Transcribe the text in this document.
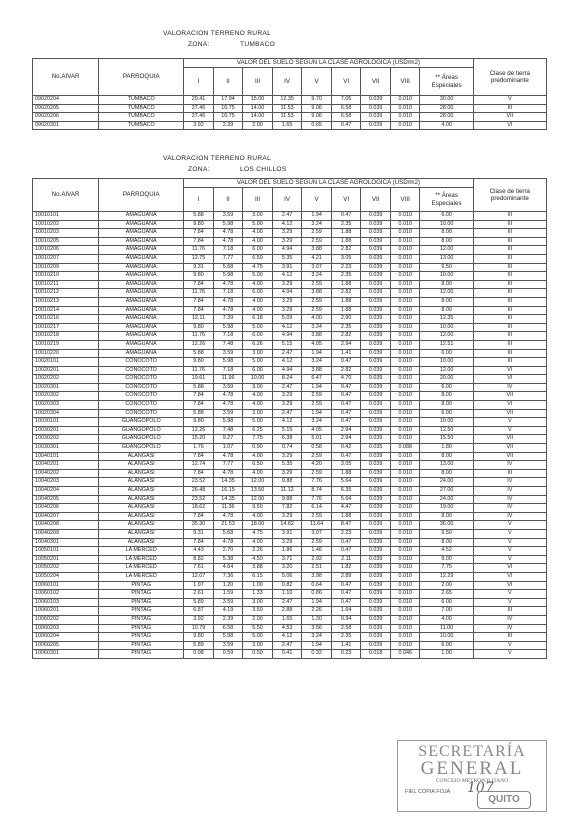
VALORACION TERRENO RURAL
ZONA:	TUMBACO
No.AIVAR	PARROQUIA	VALOR DEL SUELO SEGÚN LA CLASE AGROLOGICA (USD/m2)									Clase de tierra predominante
		I	II	III	IV	V	VI	VII	VIII	** Áreas Especiales	
09020204	TUMBACO	29.41	17.94	15.00	12.35	9.70	7.05	0.039	0.010	30.00	V
09020205	TUMBACO	27.46	16.75	14.00	11.53	9.06	6.58	0.039	0.010	28.00	III
09020206	TUMBACO	27.46	16.75	14.00	11.53	9.06	6.58	0.039	0.010	28.00	VII
09020301	TUMBACO	3.92	2.39	2.00	1.65	0.65	0.47	0.039	0.010	4.00	VI
VALORACION TERRENO RURAL
ZONA:	LOS CHILLOS
No.AIVAR	PARROQUIA	VALOR DEL SUELO SEGÚN LA CLASE AGROLOGICA (USD/m2)									Clase de tierra predominante
		I	II	III	IV	V	VI	VII	VIII	** Áreas Especiales	
10010101	AMAGUAÑA	5.88	3.59	3.00	2.47	1.94	0.47	0.039	0.010	6.00	III
10010202	AMAGUAÑA	9.80	5.98	5.00	4.12	3.24	2.35	0.039	0.010	10.00	III
10010203	AMAGUAÑA	7.84	4.78	4.00	3.29	2.59	1.88	0.039	0.010	8.00	III
10010205	AMAGUAÑA	7.84	4.78	4.00	3.29	2.59	1.88	0.039	0.010	8.00	III
10010206	AMAGUAÑA	11.76	7.18	6.00	4.94	3.88	2.82	0.039	0.010	12.00	III
10010207	AMAGUAÑA	12.75	7.77	6.50	5.35	4.21	3.05	0.039	0.010	13.00	III
10010209	AMAGUAÑA	9.31	5.68	4.75	3.91	3.07	2.23	0.039	0.010	9.50	III
10010210	AMAGUAÑA	9.80	5.98	5.00	4.12	3.24	2.35	0.039	0.010	10.00	III
10010211	AMAGUAÑA	7.84	4.78	4.00	3.29	2.59	1.88	0.039	0.010	8.00	III
10010212	AMAGUAÑA	11.76	7.18	6.00	4.94	3.88	2.82	0.039	0.010	12.00	III
10010213	AMAGUAÑA	7.84	4.78	4.00	3.29	2.59	1.88	0.039	0.010	8.00	III
10010214	AMAGUAÑA	7.84	4.78	4.00	3.29	2.59	1.88	0.039	0.010	8.00	III
10010216	AMAGUAÑA	12.11	7.39	6.18	5.09	4.00	2.90	0.039	0.010	12.35	III
10010217	AMAGUAÑA	9.80	5.98	5.00	4.12	3.24	2.35	0.039	0.010	10.00	III
10010218	AMAGUAÑA	11.76	7.18	6.00	4.94	3.88	2.82	0.039	0.010	12.00	III
10010219	AMAGUAÑA	12.26	7.48	6.26	5.15	4.05	2.94	0.039	0.010	12.51	III
10010220	AMAGUAÑA	5.88	3.59	3.00	2.47	1.94	1.41	0.039	0.010	6.00	III
10020101	CONOCOTO	9.80	5.98	5.00	4.12	3.24	0.47	0.039	0.010	10.00	III
10020201	CONOCOTO	11.76	7.18	6.00	4.94	3.88	2.82	0.039	0.010	12.00	VI
10020202	CONOCOTO	19.61	11.96	10.00	8.24	6.47	4.70	0.039	0.010	20.00	VI
10020301	CONOCOTO	5.88	3.59	3.00	2.47	1.94	0.47	0.039	0.010	6.00	IV
10020302	CONOCOTO	7.84	4.78	4.00	3.29	2.59	0.47	0.039	0.010	8.00	VII
10020303	CONOCOTO	7.84	4.78	4.00	3.29	2.59	0.47	0.039	0.010	8.00	VI
10020304	CONOCOTO	5.88	3.59	3.00	2.47	1.94	0.47	0.039	0.010	6.00	VII
10030101	GUANGOPOLO	9.80	5.98	5.00	4.12	3.24	0.47	0.039	0.010	10.00	V
10030201	GUANGOPOLO	12.26	7.48	6.25	5.15	4.05	2.94	0.039	0.010	12.50	V
10030202	GUANGOPOLO	15.20	9.27	7.75	6.38	5.01	2.94	0.039	0.010	15.50	VII
10030301	GUANGOPOLO	1.76	1.07	0.90	0.74	0.58	0.42	0.035	0.088	1.80	VII
10040101	ALANGASI	7.84	4.78	4.00	3.29	2.59	0.47	0.039	0.010	8.00	VII
10040201	ALANGASI	12.74	7.77	6.50	5.35	4.20	3.05	0.039	0.010	13.00	IV
10040202	ALANGASI	7.84	4.78	4.00	3.29	2.59	1.88	0.039	0.010	8.00	III
10040203	ALANGASI	23.52	14.35	12.00	9.88	7.76	5.64	0.039	0.010	24.00	IV
10040204	ALANGASI	26.48	16.15	13.50	11.12	8.74	6.35	0.039	0.010	27.00	IV
10040205	ALANGASI	23.52	14.35	12.00	9.88	7.76	5.64	0.039	0.010	24.00	IV
10040206	ALANGASI	18.62	11.36	9.50	7.82	6.14	4.47	0.039	0.010	19.00	IV
10040207	ALANGASI	7.84	4.78	4.00	3.29	2.59	1.88	0.039	0.010	8.00	IV
10040208	ALANGASI	35.30	21.53	18.00	14.82	11.64	8.47	0.039	0.010	36.00	V
10040209	ALANGASI	9.31	5.68	4.75	3.91	3.07	2.23	0.039	0.010	9.50	V
10040301	ALANGASI	7.84	4.78	4.00	3.29	2.59	0.47	0.039	0.010	8.00	V
10050101	LA MERCED	4.43	2.70	2.26	1.86	1.46	0.47	0.039	0.010	4.52	V
10050201	LA MERCED	8.82	5.38	4.50	3.71	2.92	2.11	0.039	0.010	9.00	V
10050202	LA MERCED	7.61	4.64	3.88	3.20	2.51	1.82	0.039	0.010	7.75	VI
10050204	LA MERCED	12.07	7.36	6.15	5.06	3.98	2.89	0.039	0.010	12.29	VI
10060101	PINTAG	1.97	1.20	1.00	0.82	0.64	0.47	0.039	0.010	2.00	VI
10060102	PINTAG	2.61	1.59	1.33	1.10	0.86	0.47	0.039	0.010	2.65	V
10060103	PINTAG	5.89	3.59	3.00	2.47	1.94	0.47	0.039	0.010	6.00	V
10060201	PINTAG	6.87	4.19	3.50	2.88	2.26	1.64	0.039	0.010	7.00	III
10060202	PINTAG	3.92	2.39	2.00	1.65	1.30	0.94	0.039	0.010	4.00	IV
10060203	PINTAG	10.79	6.58	5.50	4.53	3.56	2.58	0.039	0.010	11.00	IV
10060204	PINTAG	9.80	5.98	5.00	4.12	3.24	2.35	0.039	0.010	10.00	III
10060205	PINTAG	5.89	3.59	3.00	2.47	1.94	1.41	0.039	0.010	6.00	V
10060301	PINTAG	0.98	0.59	0.50	0.41	0.32	0.23	0.018	0.046	1.00	V
SECRETARÍA
GENERAL
CONCEJO METROPOLITANO
FIEL COPIA FOJA 107
QUITO
